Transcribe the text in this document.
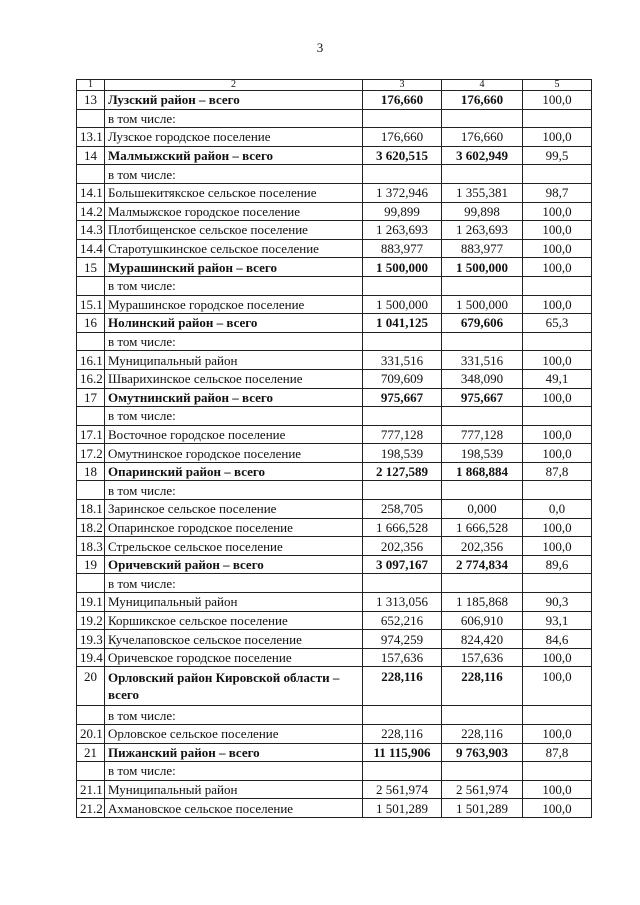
3
1	2	3	4	5
13	Лузский район – всего	176,660	176,660	100,0
	в том числе:			
13.1	Лузское городское поселение	176,660	176,660	100,0
14	Малмыжский район – всего	3 620,515	3 602,949	99,5
	в том числе:			
14.1	Большекитякское сельское поселение	1 372,946	1 355,381	98,7
14.2	Малмыжское городское поселение	99,899	99,898	100,0
14.3	Плотбищенское сельское поселение	1 263,693	1 263,693	100,0
14.4	Старотушкинское сельское поселение	883,977	883,977	100,0
15	Мурашинский район – всего	1 500,000	1 500,000	100,0
	в том числе:			
15.1	Мурашинское городское поселение	1 500,000	1 500,000	100,0
16	Нолинский район – всего	1 041,125	679,606	65,3
	в том числе:			
16.1	Муниципальный район	331,516	331,516	100,0
16.2	Шварихинское сельское поселение	709,609	348,090	49,1
17	Омутнинский район – всего	975,667	975,667	100,0
	в том числе:			
17.1	Восточное городское поселение	777,128	777,128	100,0
17.2	Омутнинское городское поселение	198,539	198,539	100,0
18	Опаринский район – всего	2 127,589	1 868,884	87,8
	в том числе:			
18.1	Заринское сельское поселение	258,705	0,000	0,0
18.2	Опаринское городское поселение	1 666,528	1 666,528	100,0
18.3	Стрельское сельское поселение	202,356	202,356	100,0
19	Оричевский район – всего	3 097,167	2 774,834	89,6
	в том числе:			
19.1	Муниципальный район	1 313,056	1 185,868	90,3
19.2	Коршикское сельское поселение	652,216	606,910	93,1
19.3	Кучелаповское сельское поселение	974,259	824,420	84,6
19.4	Оричевское городское поселение	157,636	157,636	100,0
20	Орловский район Кировской области – всего	228,116	228,116	100,0
	в том числе:			
20.1	Орловское сельское поселение	228,116	228,116	100,0
21	Пижанский район – всего	11 115,906	9 763,903	87,8
	в том числе:			
21.1	Муниципальный район	2 561,974	2 561,974	100,0
21.2	Ахмановское сельское поселение	1 501,289	1 501,289	100,0
